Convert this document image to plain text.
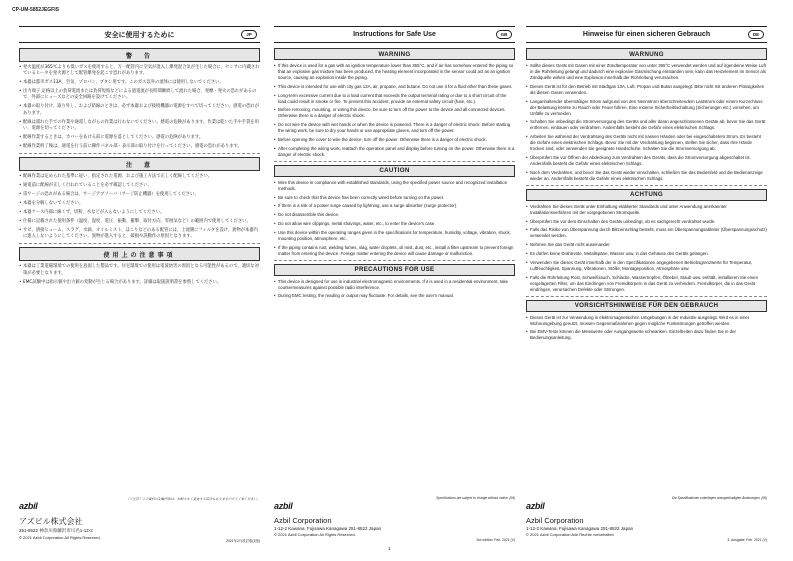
CP-UM-5852JEGFIS
安全に使用するために	JP
警　告
•発火温度が365℃よりも低いガスを使用すると、万一配管内に空気が混入し爆発混合気が生じた場合に、センサに内蔵されているヒータを発火源として配管爆発を起こす恐れがあります。
•本器は都市ガス13A、空気、プロパン、ブタン用です。このガス以外の流体には使用しないでください。
•出力端子 定格以上の負荷電流または負荷短絡などによる過電流が長時間継続して流れた場合、発煙・発火の恐れがあるので、外部にヒューズなどの安全回路を設けてください。
•本器の取り付け、取り外し、および結線のときは、必ず本器および接続機器の電源をすべて切ってください。感電の恐れがあります。
•配線は濡れた手での作業や通電しながらの作業は行わないでください。感電の危険があります。作業は乾いた手や手袋を用い、電源を切ってください。
•配線作業するときは、カバーをあける前に電源を落としてください。感電の危険があります。
•配線作業終了後は、通電を行う前に操作パネル部・表示部の取り付けを行ってください。感電の恐れがあります。
注　意
•配線作業は定められた基準に従い、指定された電源、および施工方法で正しく配線してください。
•通電前に配線が正しく行われていることを必ず確認してください。
•雷サージの恐れがある場合は、サージアブソーバ（サージ防止機器）を使用してください。
•本器を分解しないでください。
•本器ケース内部に線くず、切粉、水などが入らないようにしてください。
•仕様に記載された使用条件（温度、湿度、電圧、振動、衝撃、取付方向、雰囲気など）の範囲内で使用してください。
•サビ、溶接ヒューム、スラグ、水滴、オイルミスト、ほこりなどのある配管には、上流側にフィルタを設け、異物が本器内に進入しないようにしてください。異物が進入すると、破損や誤動作の原因となります。
使用上の注意事項
•本器は工業電磁環境での使用を意図した製品です。住宅環境での使用は電波妨害の原因となる可能性があるので、適切な対策が必要となります。
•EMC試験中は指示値や出力値の変動が生じる場合があります。詳細は取扱説明書を参照してください。
Instructions for Safe Use	GB
WARNING
• If this device is used for a gas with an ignition temperature lower than 365°C, and if air has somehow entered the piping so that an explosive gas mixture has been produced, the heating element incorporated in the sensor could act as an ignition source, causing an explosion inside the piping.
• This device is intended for use with city gas 13A, air, propane, and butane. Do not use it for a fluid other than these gases.
• Long-term excessive current due to a load current that exceeds the output terminal rating or due to a short circuit of the load could result in smoke or fire. To prevent this accident, provide an external safety circuit (fuse, etc.).
• Before removing, mounting, or wiring this device, be sure to turn off the power to the device and all connected devices. Otherwise there is a danger of electric shock.
• Do not wire the device with wet hands or when the device is powered. There is a danger of electric shock. Before starting the wiring work, be sure to dry your hands or use appropriate gloves, and turn off the power.
• Before opening the cover to wire the device, turn off the power. Otherwise there is a danger of electric shock.
• After completing the wiring work, reattach the operation panel and display before turning on the power. Otherwise there is a danger of electric shock.
CAUTION
• Wire this device in compliance with established standards, using the specified power source and recognized installation methods.
• Be sure to check that this device has been correctly wired before turning on the power.
• If there is a risk of a power surge caused by lightning, use a surge absorber (surge protector).
• Do not disassemble this device.
• Do not allow wire clippings, metal shavings, water, etc., to enter the device's case.
• Use this device within the operating ranges given in the specifications for temperature, humidity, voltage, vibration, shock, mounting position, atmosphere, etc.
• If the piping contains rust, welding fumes, slag, water droplets, oil mist, dust, etc., install a filter upstream to prevent foreign matter from entering the device. Foreign matter entering the device will cause damage or malfunction.
PRECAUTIONS FOR USE
• This device is designed for use in industrial electromagnetic environments. If it is used in a residential environment, take countermeasures against possible radio interference.
• During EMC testing, the reading or output may fluctuate. For details, see the user's manual.
Hinweise für einen sicheren Gebrauch	DE
WARNUNG
• Sollte dieses Gerät mit Gasen mit einer Zündtemperatur von unter 365°C verwendet werden und auf irgendeine Weise Luft in die Rohrleitung gelangt und dadurch eine explosive Gasmischung entstanden sein, kann das Heizelement im Sensor als Zündquelle wirken und eine Explosion innerhalb der Rohrleitung verursachen.
• Dieses Gerät ist für den Betrieb mit Stadtgas 13A, Luft, Propan und Butan ausgelegt. Bitte nicht mit anderen Flüssigkeiten als diesen Gasen verwenden.
• Langanhaltender übermäßiger Strom aufgrund von den Nennstrom überschreitendem Laststrom oder einem Kurzschluss der Belastung könnte zu Rauch oder Feuer führen. Eine externe Sicherheitsschaltung (Sicherungen etc.) vorsehen, um Unfälle zu vermeiden.
• Schalten Sie unbedingt die Stromversorgung des Geräts und aller daran angeschlossenen Geräte ab, bevor Sie das Gerät entfernen, einbauen oder verdrahten. Andernfalls besteht die Gefahr eines elektrischen Schlags.
• Arbeiten Sie während der Verdrahtung des Geräts nicht mit nassen Händen oder bei eingeschaltetem Strom. Es besteht die Gefahr eines elektrischen Schlags. Bevor Sie mit der Verdrahtung beginnen, stellen Sie sicher, dass Ihre Hände trocken sind, oder verwenden Sie geeignete Handschuhe. Schalten Sie die Stromversorgung ab.
• Überprüfen Sie vor Öffnen der Abdeckung zum Verdrahten des Geräts, dass die Stromversorgung abgeschaltet ist. Andernfalls besteht die Gefahr eines elektrischen Schlags.
• Nach dem Verdrahten, und bevor Sie das Gerät wieder einschalten, schließen Sie das Bedienfeld und die Bedienanzeige wieder an. Andernfalls besteht die Gefahr eines elektrischen Schlags.
ACHTUNG
• Verdrahten Sie dieses Gerät unter Einhaltung etablierter Standards und unter Anwendung anerkannter Installationsverfahren mit der vorgegebenen Stromquelle.
• Überprüfen Sie vor dem Einschalten des Geräts unbedingt, ob es sachgerecht verdrahtet wurde.
• Falls das Risiko von Überspannung durch Blitzeinschlag besteht, muss ein Überspannungsableiter (Überspannungsschutz) verwendet werden.
• Nehmen Sie das Gerät nicht auseinander.
• Es dürfen keine Drahtreste, Metallspäne, Wasser usw. in das Gehäuse des Geräts gelangen.
• Verwenden Sie dieses Gerät innerhalb der in den Spezifikationen angegebenen Betriebsgrenzwerte für Temperatur, Luftfeuchtigkeit, Spannung, Vibrationen, Stöße, Montageposition, Atmosphäre usw.
• Falls die Rohrleitung Rost, Schweißrauch, Schlacke, Wassertropfen, Ölnebel, Staub usw. enthält, installieren Sie einen vorgelagerten Filter, um das Eindringen von Fremdkörpern in das Gerät zu verhindern. Fremdkörper, die in das Gerät eindringen, verursachen Defekte oder Störungen.
VORSICHTSHINWEISE FÜR DEN GEBRAUCH
• Dieses Gerät ist zur Verwendung in elektromagnetischen Umgebungen in der Industrie ausgelegt. Wird es in einer Wohnumgebung genutzt, müssen Gegenmaßnahmen gegen mögliche Funkstörungen getroffen werden.
• Bei EMV-Tests können die Messwerte oder Ausgangswerte schwanken. Einzelheiten dazu finden Sie in der Bedienungsanleitung.
azbil
（ご注意）この資料の記載内容は、お断りなく変更する場合もありますのでご了承ください。
アズビル株式会社
251-8522 神奈川県藤沢市川名1-12-2
© 2021 Azbil Corporation All Rights Reserved.
2021年2月改訂版(1版)
azbil
Specifications are subject to change without notice. (09)
Azbil Corporation
1-12-2 Kawana, Fujisawa Kanagawa 251-8522 Japan
© 2021 Azbil Corporation All Rights Reserved.
3rd edition: Feb. 2021 (V)
azbil
Die Spezifikationen unterliegen unangekündigten Änderungen. (09)
Azbil Corporation
1-12-2 Kawana, Fujisawa Kanagawa 251-8522 Japan
© 2021 Azbil Corporation Alle Rechte vorbehalten
3. Ausgabe: Feb. 2021 (V)
1
